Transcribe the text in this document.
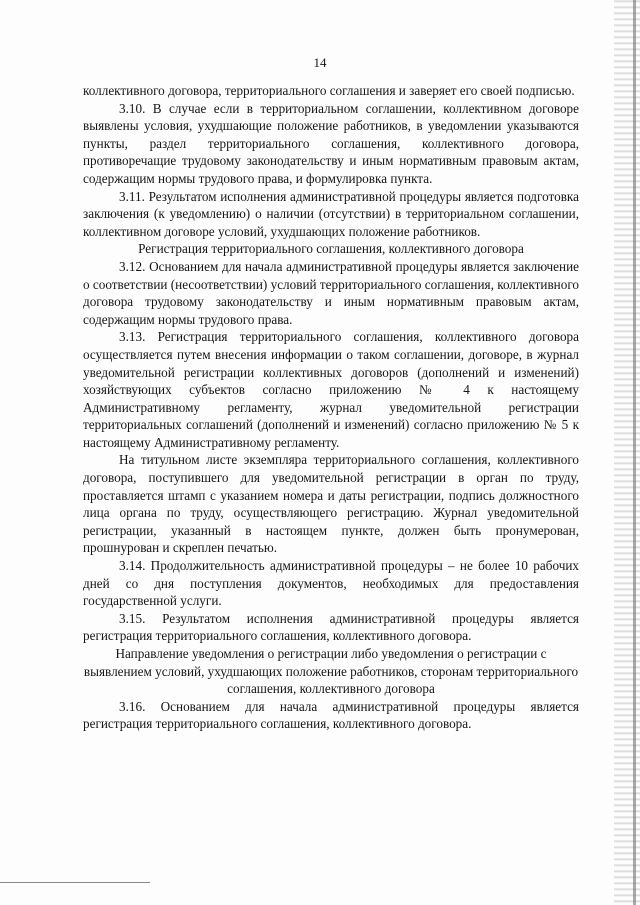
14

коллективного договора, территориального соглашения и заверяет его своей подписью.

3.10. В случае если в территориальном соглашении, коллективном договоре выявлены условия, ухудшающие положение работников, в уведомлении указываются пункты, раздел территориального соглашения, коллективного договора, противоречащие трудовому законодательству и иным нормативным правовым актам, содержащим нормы трудового права, и формулировка пункта.

3.11. Результатом исполнения административной процедуры является подготовка заключения (к уведомлению) о наличии (отсутствии) в территориальном соглашении, коллективном договоре условий, ухудшающих положение работников.

Регистрация территориального соглашения, коллективного договора

3.12. Основанием для начала административной процедуры является заключение о соответствии (несоответствии) условий территориального соглашения, коллективного договора трудовому законодательству и иным нормативным правовым актам, содержащим нормы трудового права.

3.13. Регистрация территориального соглашения, коллективного договора осуществляется путем внесения информации о таком соглашении, договоре, в журнал уведомительной регистрации коллективных договоров (дополнений и изменений) хозяйствующих субъектов согласно приложению № 4 к настоящему Административному регламенту, журнал уведомительной регистрации территориальных соглашений (дополнений и изменений) согласно приложению № 5 к настоящему Административному регламенту.

На титульном листе экземпляра территориального соглашения, коллективного договора, поступившего для уведомительной регистрации в орган по труду, проставляется штамп с указанием номера и даты регистрации, подпись должностного лица органа по труду, осуществляющего регистрацию. Журнал уведомительной регистрации, указанный в настоящем пункте, должен быть пронумерован, прошнурован и скреплен печатью.

3.14. Продолжительность административной процедуры – не более 10 рабочих дней со дня поступления документов, необходимых для предоставления государственной услуги.

3.15. Результатом исполнения административной процедуры является регистрация территориального соглашения, коллективного договора.

Направление уведомления о регистрации либо уведомления о регистрации с выявлением условий, ухудшающих положение работников, сторонам территориального соглашения, коллективного договора

3.16. Основанием для начала административной процедуры является регистрация территориального соглашения, коллективного договора.
